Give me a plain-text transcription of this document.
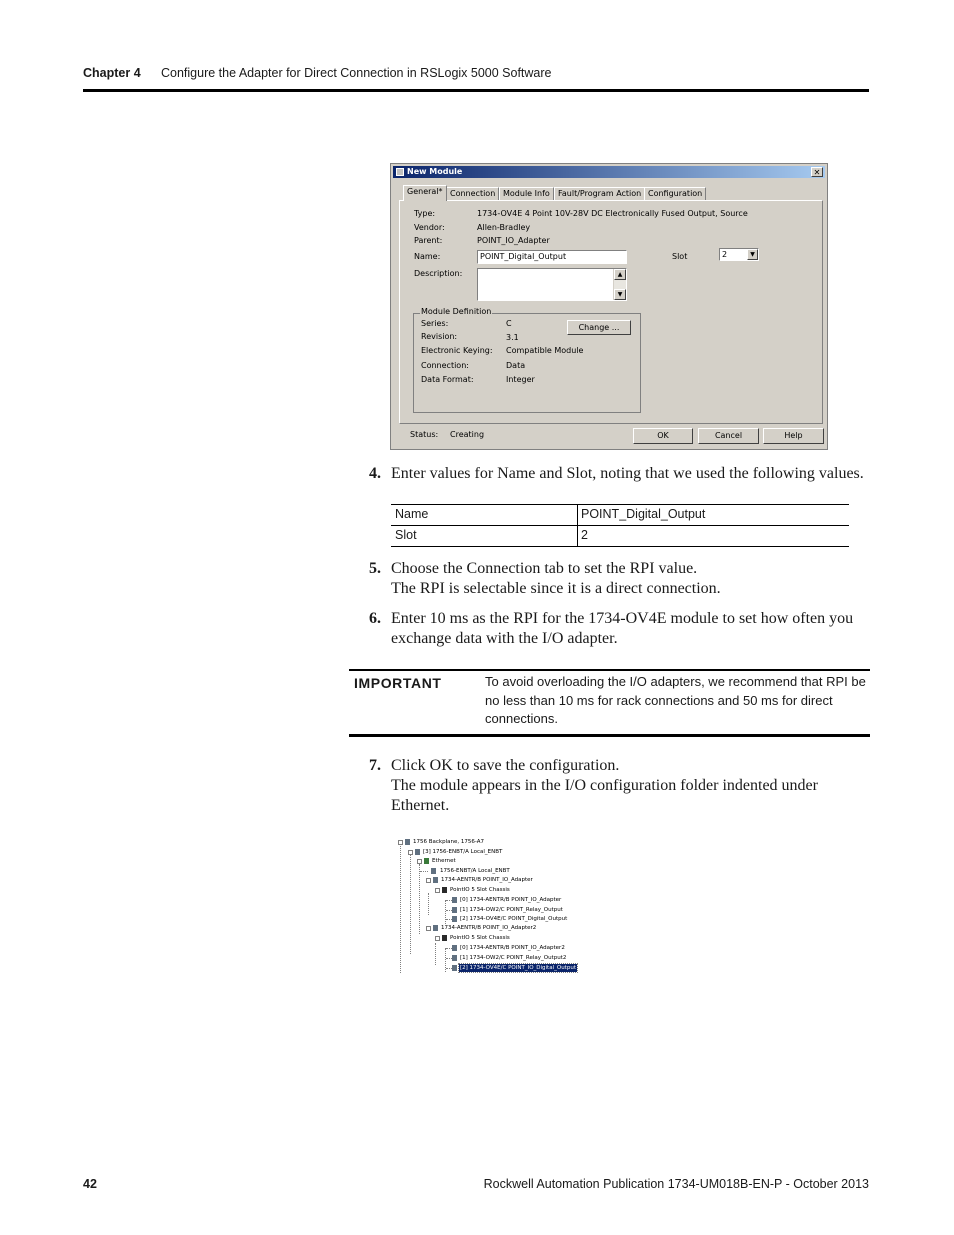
Chapter 4 Configure the Adapter for Direct Connection in RSLogix 5000 Software
New Module	✕
General* Connection Module Info	Fault/Program Action Configuration
Type:	1734-OV4E 4 Point 10V-28V DC Electronically Fused Output, Source
Vendor:	Allen-Bradley
Parent:	POINT_IO_Adapter
Name:	POINT_Digital_Output	Slot	2	▼
Description:	▲
▼
Module Definition
Series:	C
Revision:	3.1
Electronic Keying: Compatible Module
Connection:	Data
Data Format:	Integer
Change ...
Status: Creating	OK	Cancel	Help
4. Enter values for Name and Slot, noting that we used the following values.
Name	POINT_Digital_Output
Slot	2
5. Choose the Connection tab to set the RPI value.
The RPI is selectable since it is a direct connection.
6. Enter 10 ms as the RPI for the 1734-OV4E module to set how often you
exchange data with the I/O adapter.
IMPORTANT	To avoid overloading the I/O adapters, we recommend that RPI be no less than 10 ms for rack connections and 50 ms for direct connections.
7. Click OK to save the configuration.
The module appears in the I/O configuration folder indented under
Ethernet.
1756 Backplane, 1756-A7
[3] 1756-ENBT/A Local_ENBT
Ethernet
1756-ENBT/A Local_ENBT
1734-AENTR/B POINT_IO_Adapter
PointIO 5 Slot Chassis
[0] 1734-AENTR/B POINT_IO_Adapter
[1] 1734-OW2/C POINT_Relay_Output
[2] 1734-OV4E/C POINT_Digital_Output
1734-AENTR/B POINT_IO_Adapter2
PointIO 5 Slot Chassis
[0] 1734-AENTR/B POINT_IO_Adapter2
[1] 1734-OW2/C POINT_Relay_Output2
[2] 1734-OV4E/C POINT_IO_Digital_Output
42	Rockwell Automation Publication 1734-UM018B-EN-P - October 2013
